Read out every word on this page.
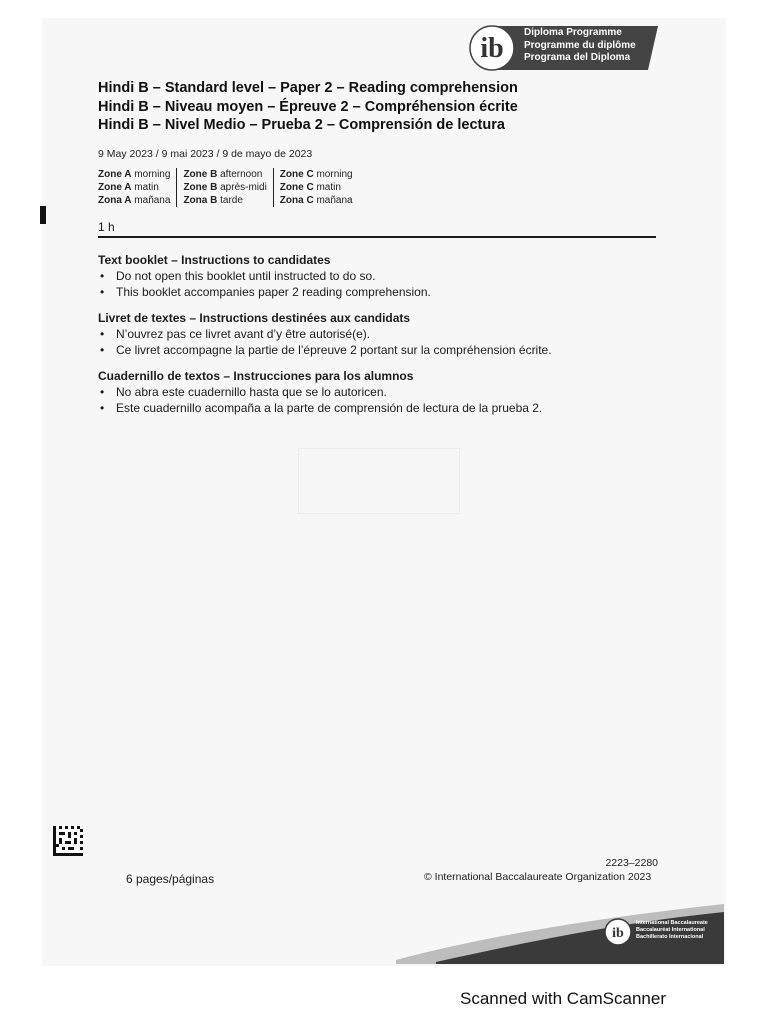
ib
Diploma Programme
Programme du diplôme
Programa del Diploma
Hindi B – Standard level – Paper 2 – Reading comprehension
Hindi B – Niveau moyen – Épreuve 2 – Compréhension écrite
Hindi B – Nivel Medio – Prueba 2 – Comprensión de lectura
9 May 2023 / 9 mai 2023 / 9 de mayo de 2023
Zone A morning
Zone A matin
Zona A mañana
Zone B afternoon
Zone B après-midi
Zona B tarde
Zone C morning
Zone C matin
Zona C mañana
1 h
Text booklet – Instructions to candidates
• Do not open this booklet until instructed to do so.
• This booklet accompanies paper 2 reading comprehension.
Livret de textes – Instructions destinées aux candidats
• N’ouvrez pas ce livret avant d’y être autorisé(e).
• Ce livret accompagne la partie de l’épreuve 2 portant sur la compréhension écrite.
Cuadernillo de textos – Instrucciones para los alumnos
• No abra este cuadernillo hasta que se lo autoricen.
• Este cuadernillo acompaña a la parte de comprensión de lectura de la prueba 2.
6 pages/páginas
2223–2280
© International Baccalaureate Organization 2023
ib
International Baccalaureate
Baccalauréat International
Bachillerato Internacional
Scanned with CamScanner
